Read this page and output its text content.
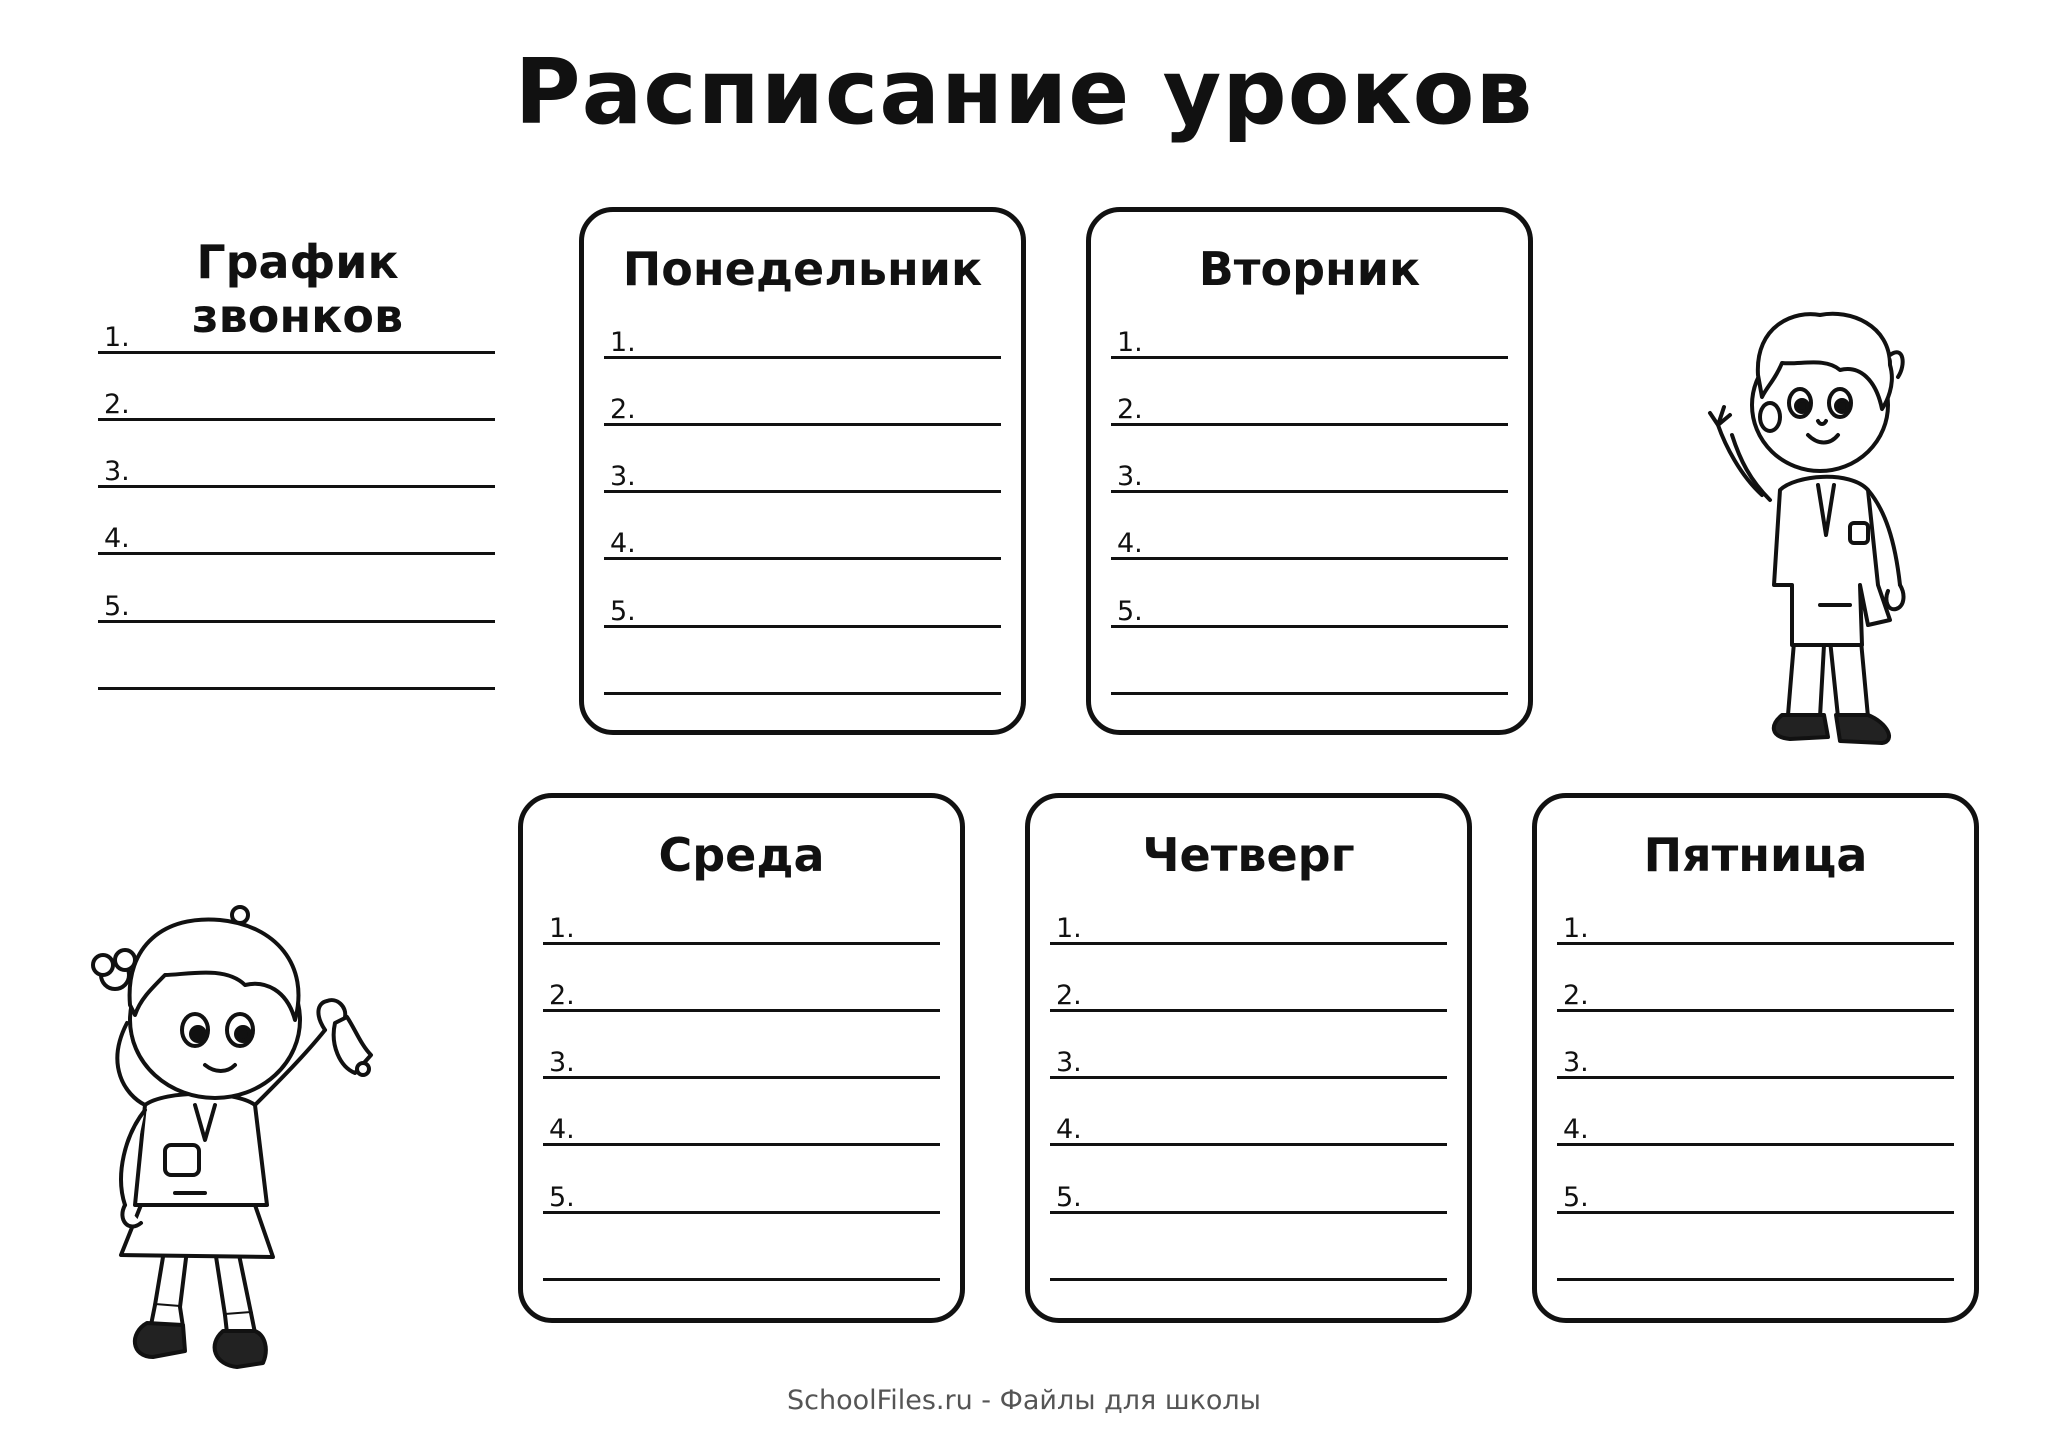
Расписание уроков
График звонков
1.
2.
3.
4.
5.
Понедельник
1.
2.
3.
4.
5.
Вторник
1.
2.
3.
4.
5.
Среда
1.
2.
3.
4.
5.
Четверг
1.
2.
3.
4.
5.
Пятница
1.
2.
3.
4.
5.
SchoolFiles.ru - Файлы для школы
